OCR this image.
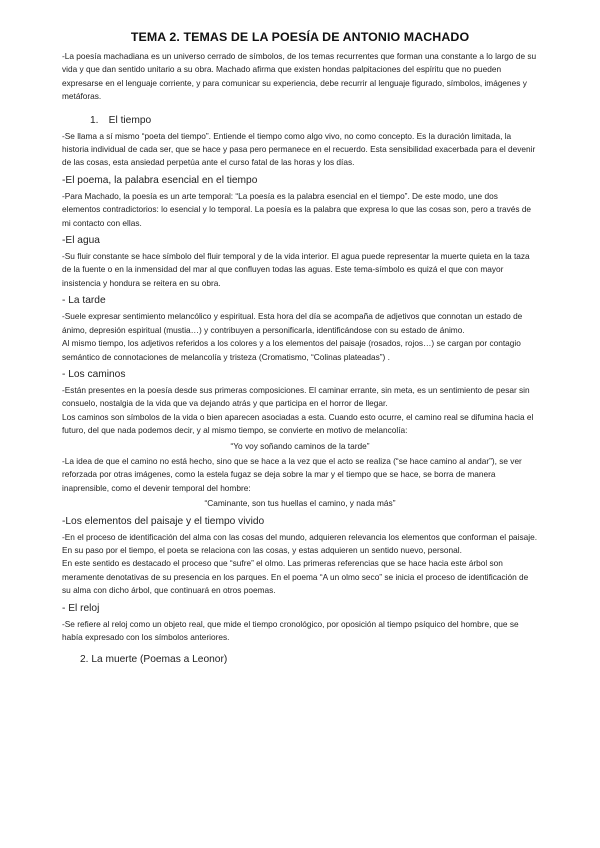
TEMA 2. TEMAS DE LA POESÍA DE ANTONIO MACHADO

-La poesía machadiana es un universo cerrado de símbolos, de los temas recurrentes que forman una constante a lo largo de su vida y que dan sentido unitario a su obra. Machado afirma que existen hondas palpitaciones del espíritu que no pueden expresarse en el lenguaje corriente, y para comunicar su experiencia, debe recurrir al lenguaje figurado, símbolos, imágenes y metáforas.

1. El tiempo

-Se llama a sí mismo “poeta del tiempo”. Entiende el tiempo como algo vivo, no como concepto. Es la duración limitada, la historia individual de cada ser, que se hace y pasa pero permanece en el recuerdo. Esta sensibilidad exacerbada para el devenir de las cosas, esta ansiedad perpetúa ante el curso fatal de las horas y los días.

-El poema, la palabra esencial en el tiempo

-Para Machado, la poesía es un arte temporal: “La poesía es la palabra esencial en el tiempo”. De este modo, une dos elementos contradictorios: lo esencial y lo temporal. La poesía es la palabra que expresa lo que las cosas son, pero a través de mi contacto con ellas.

-El agua

-Su fluir constante se hace símbolo del fluir temporal y de la vida interior. El agua puede representar la muerte quieta en la taza de la fuente o en la inmensidad del mar al que confluyen todas las aguas. Este tema-símbolo es quizá el que con mayor insistencia y hondura se reitera en su obra.

- La tarde

-Suele expresar sentimiento melancólico y espiritual. Esta hora del día se acompaña de adjetivos que connotan un estado de ánimo, depresión espiritual (mustia…) y contribuyen a personificarla, identificándose con su estado de ánimo.

Al mismo tiempo, los adjetivos referidos a los colores y a los elementos del paisaje (rosados, rojos…) se cargan por contagio semántico de connotaciones de melancolía y tristeza (Cromatismo, “Colinas plateadas”) .

- Los caminos

-Están presentes en la poesía desde sus primeras composiciones. El caminar errante, sin meta, es un sentimiento de pesar sin consuelo, nostalgia de la vida que va dejando atrás y que participa en el horror de llegar.

Los caminos son símbolos de la vida o bien aparecen asociadas a esta. Cuando esto ocurre, el camino real se difumina hacia el futuro, del que nada podemos decir, y al mismo tiempo, se convierte en motivo de melancolía:

“Yo voy soñando caminos de la tarde”

-La idea de que el camino no está hecho, sino que se hace a la vez que el acto se realiza (“se hace camino al andar”), se ver reforzada por otras imágenes, como la estela fugaz se deja sobre la mar y el tiempo que se hace, se borra de manera inaprensible, como el devenir temporal del hombre:

“Caminante, son tus huellas el camino, y nada más”

-Los elementos del paisaje y el tiempo vivido

-En el proceso de identificación del alma con las cosas del mundo, adquieren relevancia los elementos que conforman el paisaje. En su paso por el tiempo, el poeta se relaciona con las cosas, y estas adquieren un sentido nuevo, personal.

En este sentido es destacado el proceso que “sufre” el olmo. Las primeras referencias que se hace hacia este árbol son meramente denotativas de su presencia en los parques. En el poema “A un olmo seco” se inicia el proceso de identificación de su alma con dicho árbol, que continuará en otros poemas.

- El reloj

-Se refiere al reloj como un objeto real, que mide el tiempo cronológico, por oposición al tiempo psíquico del hombre, que se había expresado con los símbolos anteriores.

2. La muerte (Poemas a Leonor)
